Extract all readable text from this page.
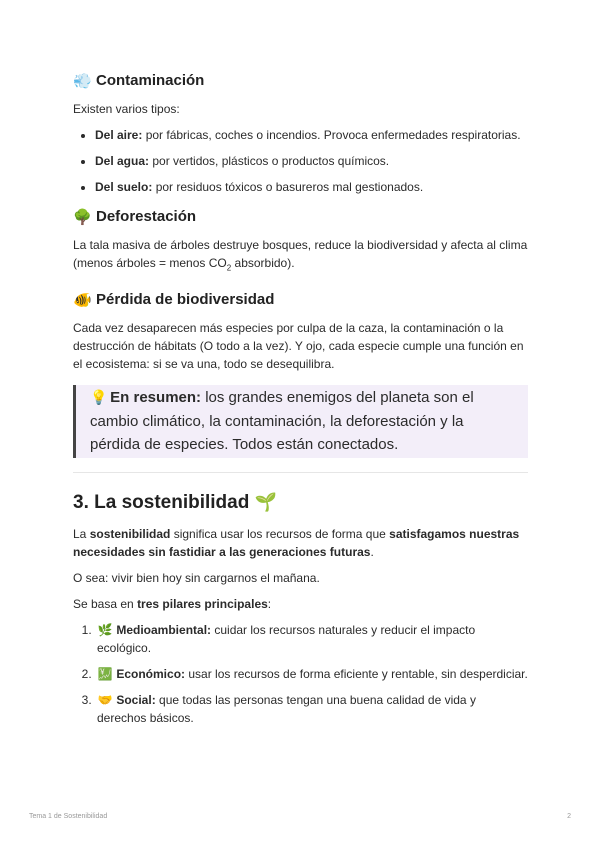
💨 Contaminación

Existen varios tipos:

• Del aire: por fábricas, coches o incendios. Provoca enfermedades respiratorias.
• Del agua: por vertidos, plásticos o productos químicos.
• Del suelo: por residuos tóxicos o basureros mal gestionados.
🌳 Deforestación

La tala masiva de árboles destruye bosques, reduce la biodiversidad y afecta al clima (menos árboles = menos $CO_2$ absorbido).

🐠 Pérdida de biodiversidad

Cada vez desaparecen más especies por culpa de la caza, la contaminación o la destrucción de hábitats (O todo a la vez). Y ojo, cada especie cumple una función en el ecosistema: si se va una, todo se desequilibra.

💡 En resumen: los grandes enemigos del planeta son el cambio climático, la contaminación, la deforestación y la pérdida de especies. Todos están conectados.
3. La sostenibilidad 🌱

La sostenibilidad significa usar los recursos de forma que satisfagamos nuestras necesidades sin fastidiar a las generaciones futuras.

O sea: vivir bien hoy sin cargarnos el mañana.

Se basa en tres pilares principales:

1. 🌿 Medioambiental: cuidar los recursos naturales y reducir el impacto ecológico.
2. 💹 Económico: usar los recursos de forma eficiente y rentable, sin desperdiciar.
3. 🤝 Social: que todas las personas tengan una buena calidad de vida y derechos básicos.
Tema 1 de Sostenibilidad	2
